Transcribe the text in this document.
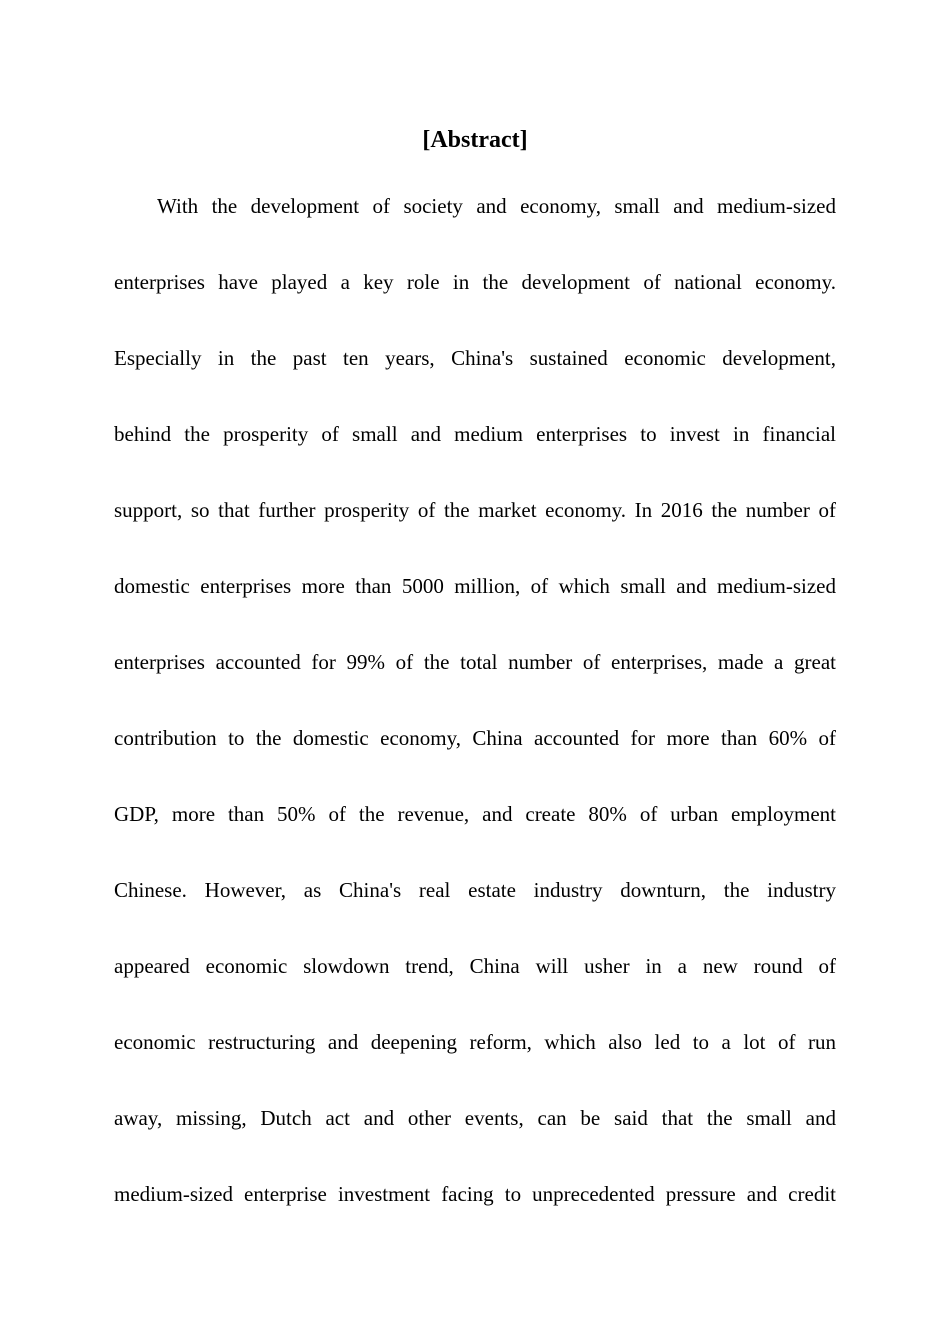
[Abstract]
With the development of society and economy, small and medium-sized
enterprises have played a key role in the development of national economy.
Especially in the past ten years, China's sustained economic development,
behind the prosperity of small and medium enterprises to invest in financial
support, so that further prosperity of the market economy. In 2016 the number of
domestic enterprises more than 5000 million, of which small and medium-sized
enterprises accounted for 99% of the total number of enterprises, made a great
contribution to the domestic economy, China accounted for more than 60% of
GDP, more than 50% of the revenue, and create 80% of urban employment
Chinese. However, as China's real estate industry downturn, the industry
appeared economic slowdown trend, China will usher in a new round of
economic restructuring and deepening reform, which also led to a lot of run
away, missing, Dutch act and other events, can be said that the small and
medium-sized enterprise investment facing to unprecedented pressure and credit
